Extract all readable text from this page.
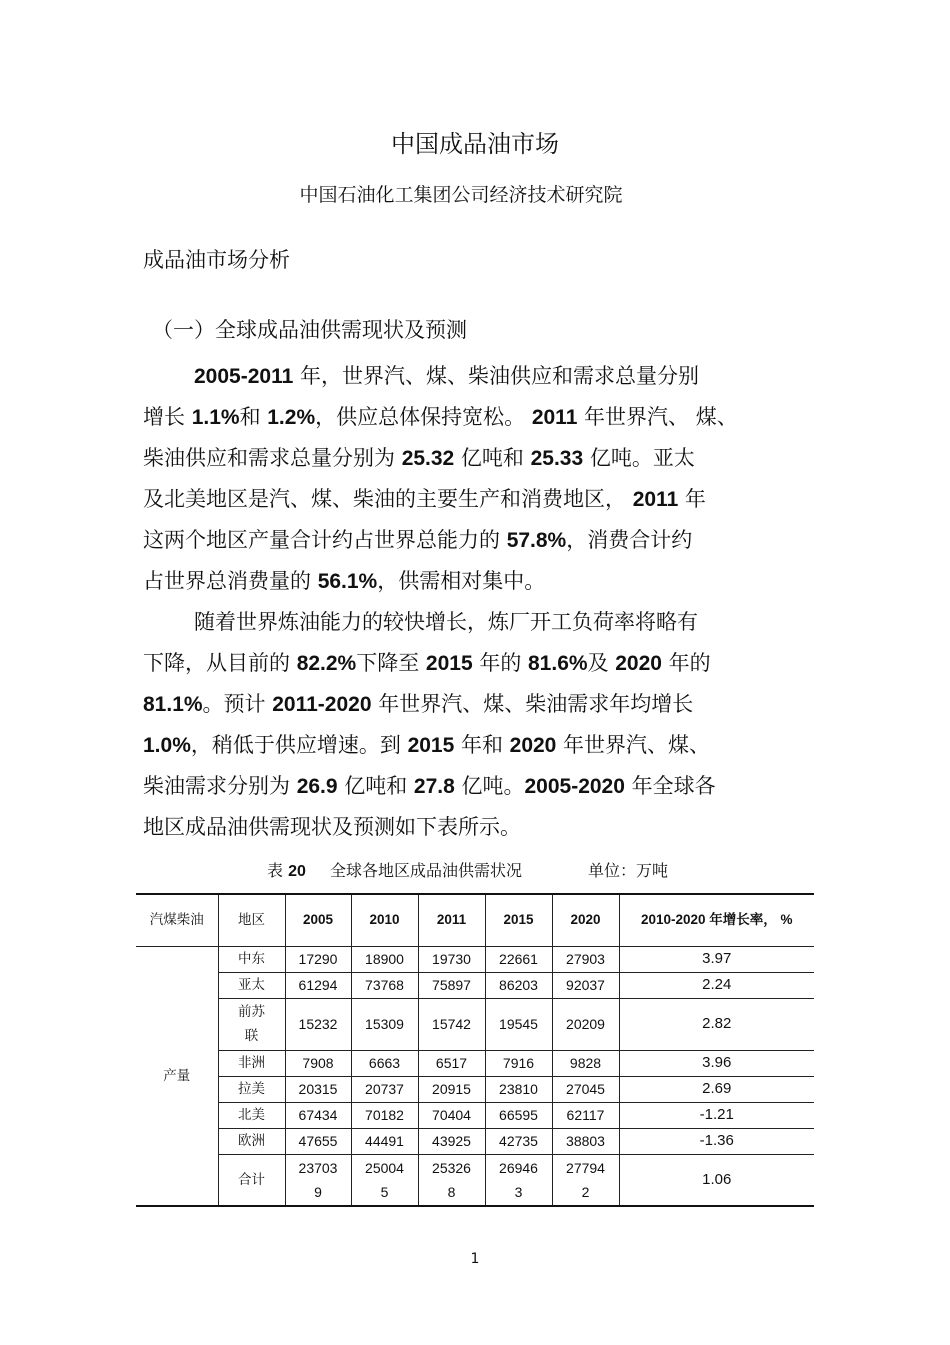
中国成品油市场
中国石油化工集团公司经济技术研究院
成品油市场分析
（一）全球成品油供需现状及预测
2005-2011 年，世界汽、煤、柴油供应和需求总量分别
增长 1.1%和 1.2%，供应总体保持宽松。 2011 年世界汽、 煤、
柴油供应和需求总量分别为 25.32 亿吨和 25.33 亿吨。亚太
及北美地区是汽、煤、柴油的主要生产和消费地区， 2011 年
这两个地区产量合计约占世界总能力的 57.8%，消费合计约
占世界总消费量的 56.1%，供需相对集中。
随着世界炼油能力的较快增长，炼厂开工负荷率将略有
下降，从目前的 82.2%下降至 2015 年的 81.6%及 2020 年的
81.1%。预计 2011-2020 年世界汽、煤、柴油需求年均增长
1.0%，稍低于供应增速。到 2015 年和 2020 年世界汽、煤、
柴油需求分别为 26.9 亿吨和 27.8 亿吨。2005-2020 年全球各
地区成品油供需现状及预测如下表所示。
表 20 全球各地区成品油供需状况	单位：万吨
汽煤柴油	地区	2005	2010	2011	2015	2020	2010-2020 年增长率， %
产量	中东	17290	18900	19730	22661	27903	3.97
	亚太	61294	73768	75897	86203	92037	2.24
	前苏联	15232	15309	15742	19545	20209	2.82
	非洲	7908	6663	6517	7916	9828	3.96
	拉美	20315	20737	20915	23810	27045	2.69
	北美	67434	70182	70404	66595	62117	-1.21
	欧洲	47655	44491	43925	42735	38803	-1.36
	合计	237039	250045	253268	269463	277942	1.06
1
